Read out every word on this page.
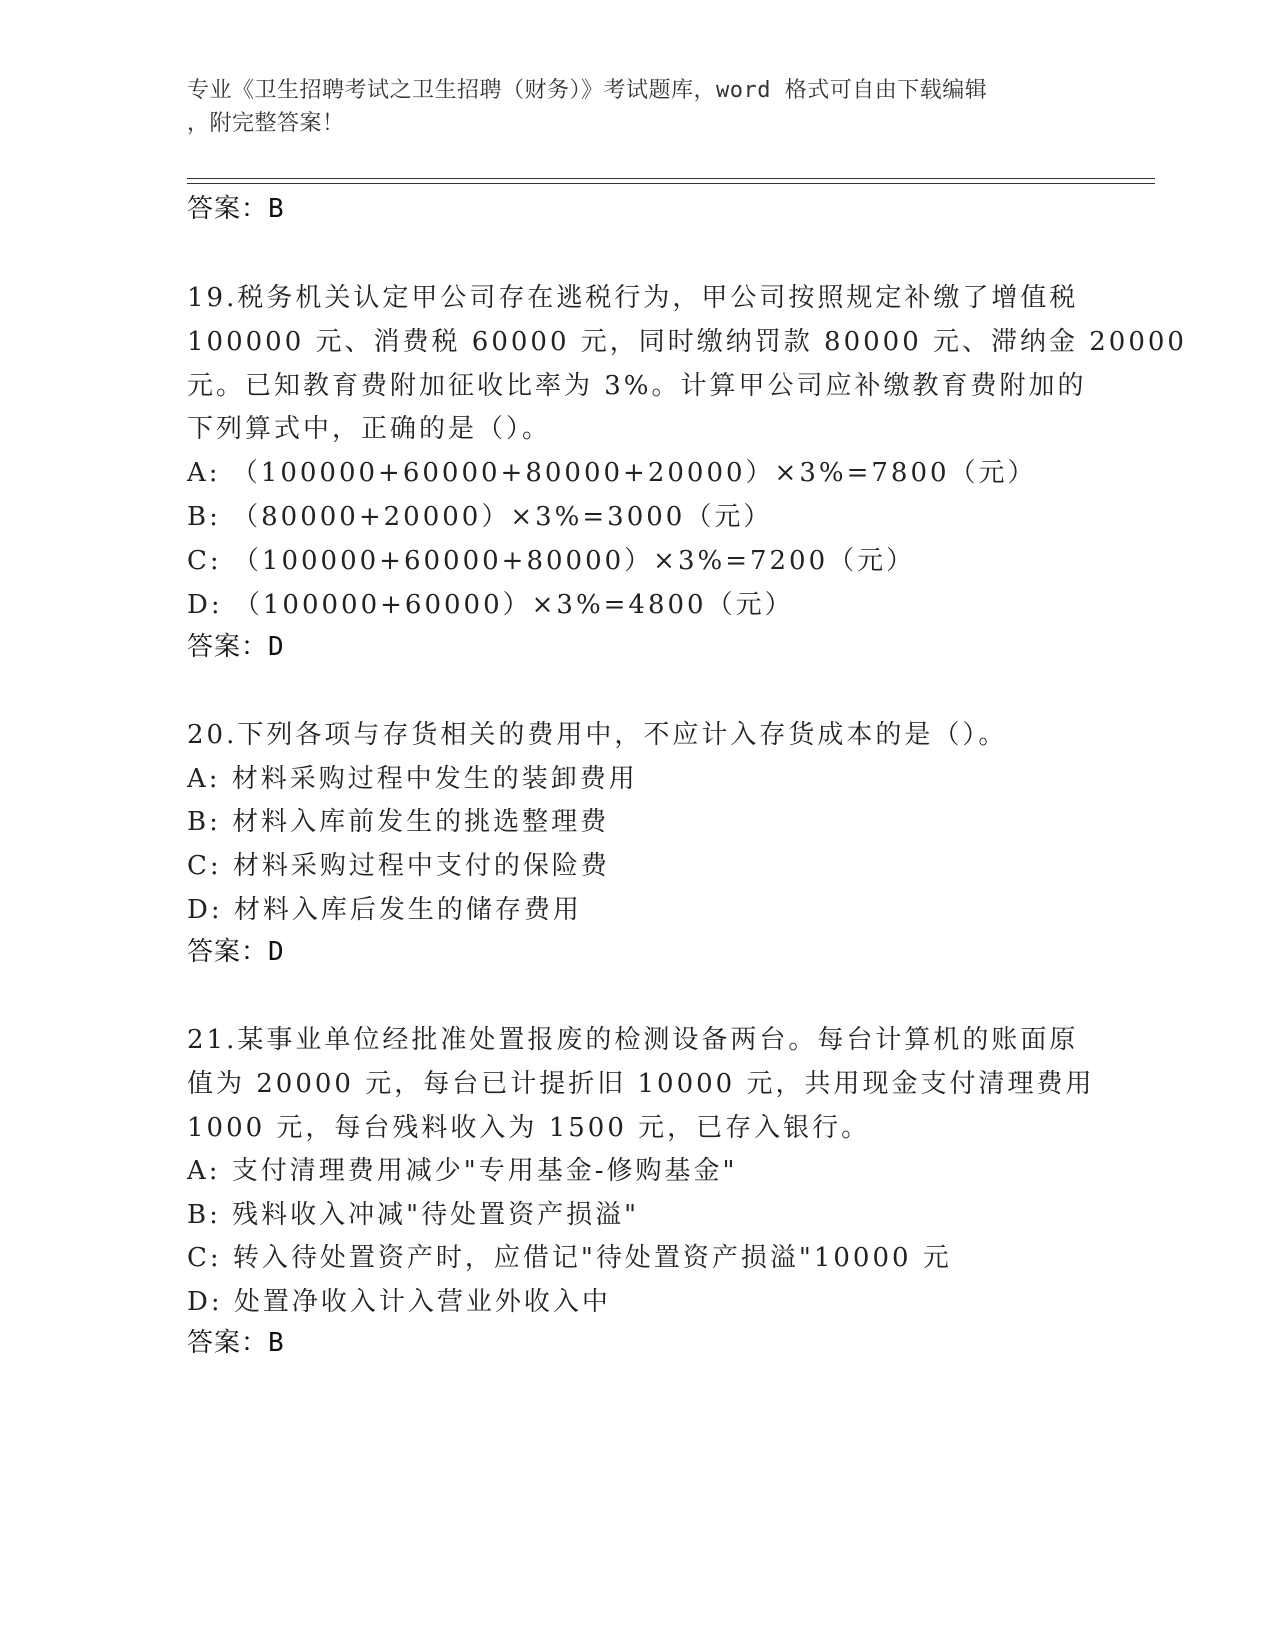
专业《卫生招聘考试之卫生招聘（财务）》考试题库，word 格式可自由下载编辑
，附完整答案！
答案：B
19.税务机关认定甲公司存在逃税行为，甲公司按照规定补缴了增值税
100000 元、消费税 60000 元，同时缴纳罚款 80000 元、滞纳金 20000
元。已知教育费附加征收比率为 3%。计算甲公司应补缴教育费附加的
下列算式中，正确的是（）。
A: （100000+60000+80000+20000）×3%=7800（元）
B: （80000+20000）×3%=3000（元）
C: （100000+60000+80000）×3%=7200（元）
D: （100000+60000）×3%=4800（元）
答案：D
20.下列各项与存货相关的费用中，不应计入存货成本的是（）。
A: 材料采购过程中发生的装卸费用
B: 材料入库前发生的挑选整理费
C: 材料采购过程中支付的保险费
D: 材料入库后发生的储存费用
答案：D
21.某事业单位经批准处置报废的检测设备两台。每台计算机的账面原
值为 20000 元，每台已计提折旧 10000 元，共用现金支付清理费用
1000 元，每台残料收入为 1500 元，已存入银行。
A: 支付清理费用减少"专用基金-修购基金"
B: 残料收入冲减"待处置资产损溢"
C: 转入待处置资产时，应借记"待处置资产损溢"10000 元
D: 处置净收入计入营业外收入中
答案：B
